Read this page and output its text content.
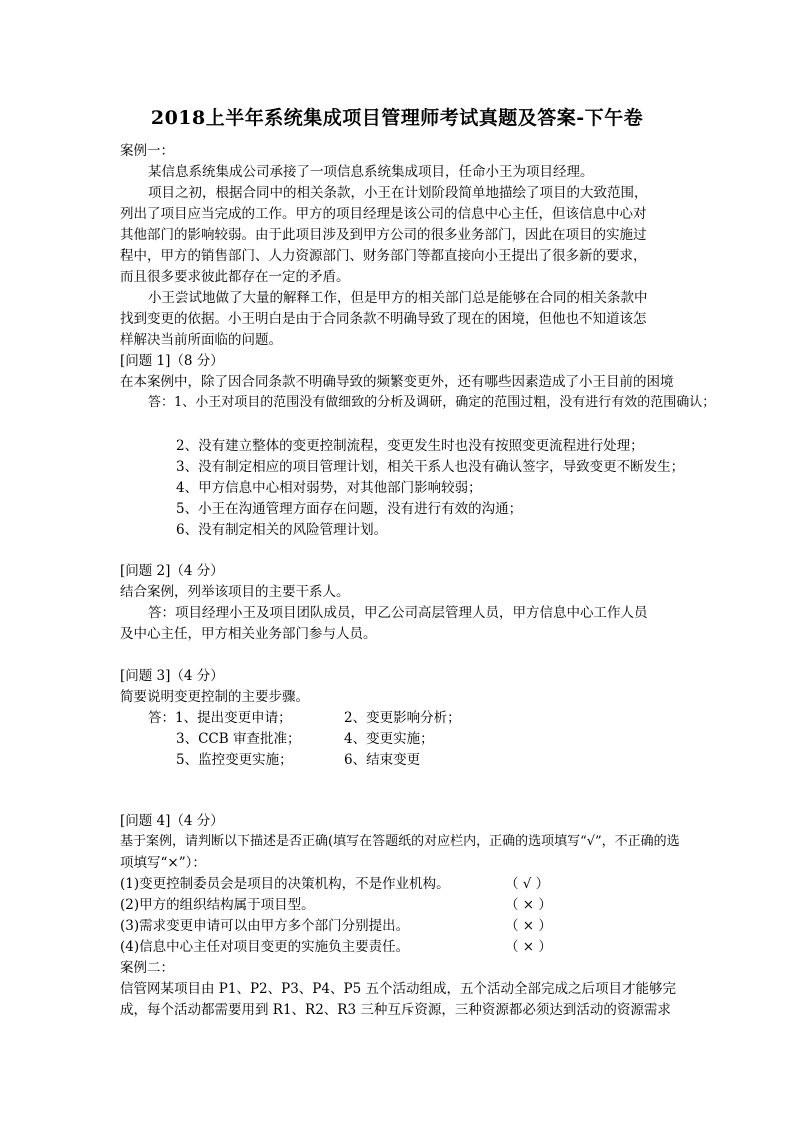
2018上半年系统集成项目管理师考试真题及答案-下午卷
案例一：
某信息系统集成公司承接了一项信息系统集成项目，任命小王为项目经理。
项目之初，根据合同中的相关条款，小王在计划阶段简单地描绘了项目的大致范围，
列出了项目应当完成的工作。甲方的项目经理是该公司的信息中心主任，但该信息中心对
其他部门的影响较弱。由于此项目涉及到甲方公司的很多业务部门，因此在项目的实施过
程中，甲方的销售部门、人力资源部门、财务部门等都直接向小王提出了很多新的要求，
而且很多要求彼此都存在一定的矛盾。
小王尝试地做了大量的解释工作，但是甲方的相关部门总是能够在合同的相关条款中
找到变更的依据。小王明白是由于合同条款不明确导致了现在的困境，但他也不知道该怎
样解决当前所面临的问题。
[问题 1]（8 分）
在本案例中，除了因合同条款不明确导致的频繁变更外，还有哪些因素造成了小王目前的困境
答：1、小王对项目的范围没有做细致的分析及调研，确定的范围过粗，没有进行有效的范围确认；
2、没有建立整体的变更控制流程，变更发生时也没有按照变更流程进行处理；
3、没有制定相应的项目管理计划，相关干系人也没有确认签字，导致变更不断发生；
4、甲方信息中心相对弱势，对其他部门影响较弱；
5、小王在沟通管理方面存在问题，没有进行有效的沟通；
6、没有制定相关的风险管理计划。
[问题 2]（4 分）
结合案例，列举该项目的主要干系人。
答：项目经理小王及项目团队成员，甲乙公司高层管理人员，甲方信息中心工作人员
及中心主任，甲方相关业务部门参与人员。
[问题 3]（4 分）
简要说明变更控制的主要步骤。
答：1、提出变更申请；	2、变更影响分析；
3、CCB 审查批准；	4、变更实施；
5、监控变更实施；	6、结束变更
[问题 4]（4 分）
基于案例，请判断以下描述是否正确(填写在答题纸的对应栏内，正确的选项填写“√”，不正确的选
项填写“×”）：
(1)变更控制委员会是项目的决策机构，不是作业机构。	（ √ ）
(2)甲方的组织结构属于项目型。	（ × ）
(3)需求变更申请可以由甲方多个部门分别提出。	（ × ）
(4)信息中心主任对项目变更的实施负主要责任。	（ × ）
案例二：
信管网某项目由 P1、P2、P3、P4、P5 五个活动组成，五个活动全部完成之后项目才能够完
成，每个活动都需要用到 R1、R2、R3 三种互斥资源，三种资源都必须达到活动的资源需求
